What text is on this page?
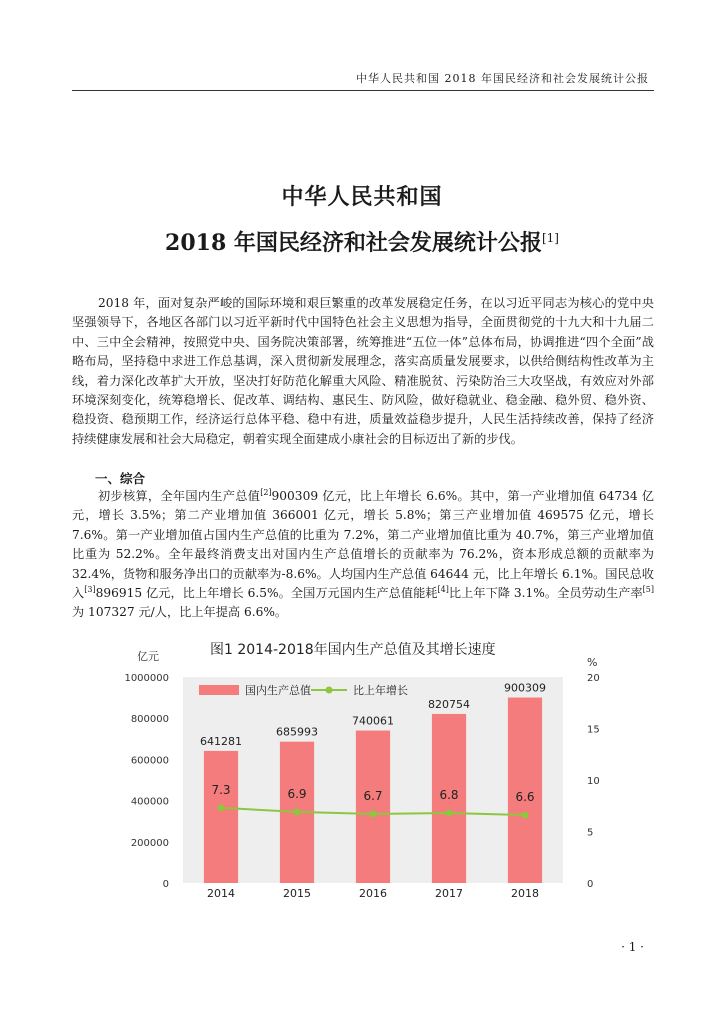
中华人民共和国 2018 年国民经济和社会发展统计公报
中华人民共和国
2018 年国民经济和社会发展统计公报[1]

2018 年，面对复杂严峻的国际环境和艰巨繁重的改革发展稳定任务，在以习近平同志为核心的党中央坚强领导下，各地区各部门以习近平新时代中国特色社会主义思想为指导，全面贯彻党的十九大和十九届二中、三中全会精神，按照党中央、国务院决策部署，统筹推进“五位一体”总体布局，协调推进“四个全面”战略布局，坚持稳中求进工作总基调，深入贯彻新发展理念，落实高质量发展要求，以供给侧结构性改革为主线，着力深化改革扩大开放，坚决打好防范化解重大风险、精准脱贫、污染防治三大攻坚战，有效应对外部环境深刻变化，统筹稳增长、促改革、调结构、惠民生、防风险，做好稳就业、稳金融、稳外贸、稳外资、稳投资、稳预期工作，经济运行总体平稳、稳中有进，质量效益稳步提升，人民生活持续改善，保持了经济持续健康发展和社会大局稳定，朝着实现全面建成小康社会的目标迈出了新的步伐。

一、综合

初步核算，全年国内生产总值[2]900309 亿元，比上年增长 6.6%。其中，第一产业增加值 64734 亿元，增长 3.5%；第二产业增加值 366001 亿元，增长 5.8%；第三产业增加值 469575 亿元，增长 7.6%。第一产业增加值占国内生产总值的比重为 7.2%，第二产业增加值比重为 40.7%，第三产业增加值比重为 52.2%。全年最终消费支出对国内生产总值增长的贡献率为 76.2%，资本形成总额的贡献率为 32.4%，货物和服务净出口的贡献率为-8.6%。人均国内生产总值 64644 元，比上年增长 6.1%。国民总收入[3]896915 亿元，比上年增长 6.5%。全国万元国内生产总值能耗[4]比上年下降 3.1%。全员劳动生产率[5]为 107327 元/人，比上年提高 6.6%。

图1 2014-2018年国内生产总值及其增长速度
亿元	%
0
200000
400000
600000
800000
1000000
0
5
10
15
20
641281
2014
685993
2015
740061
2016
820754
2017
900309
2018
7.3	6.9	6.7	6.8	6.6
国内生产总值	比上年增长
· 1 ·
